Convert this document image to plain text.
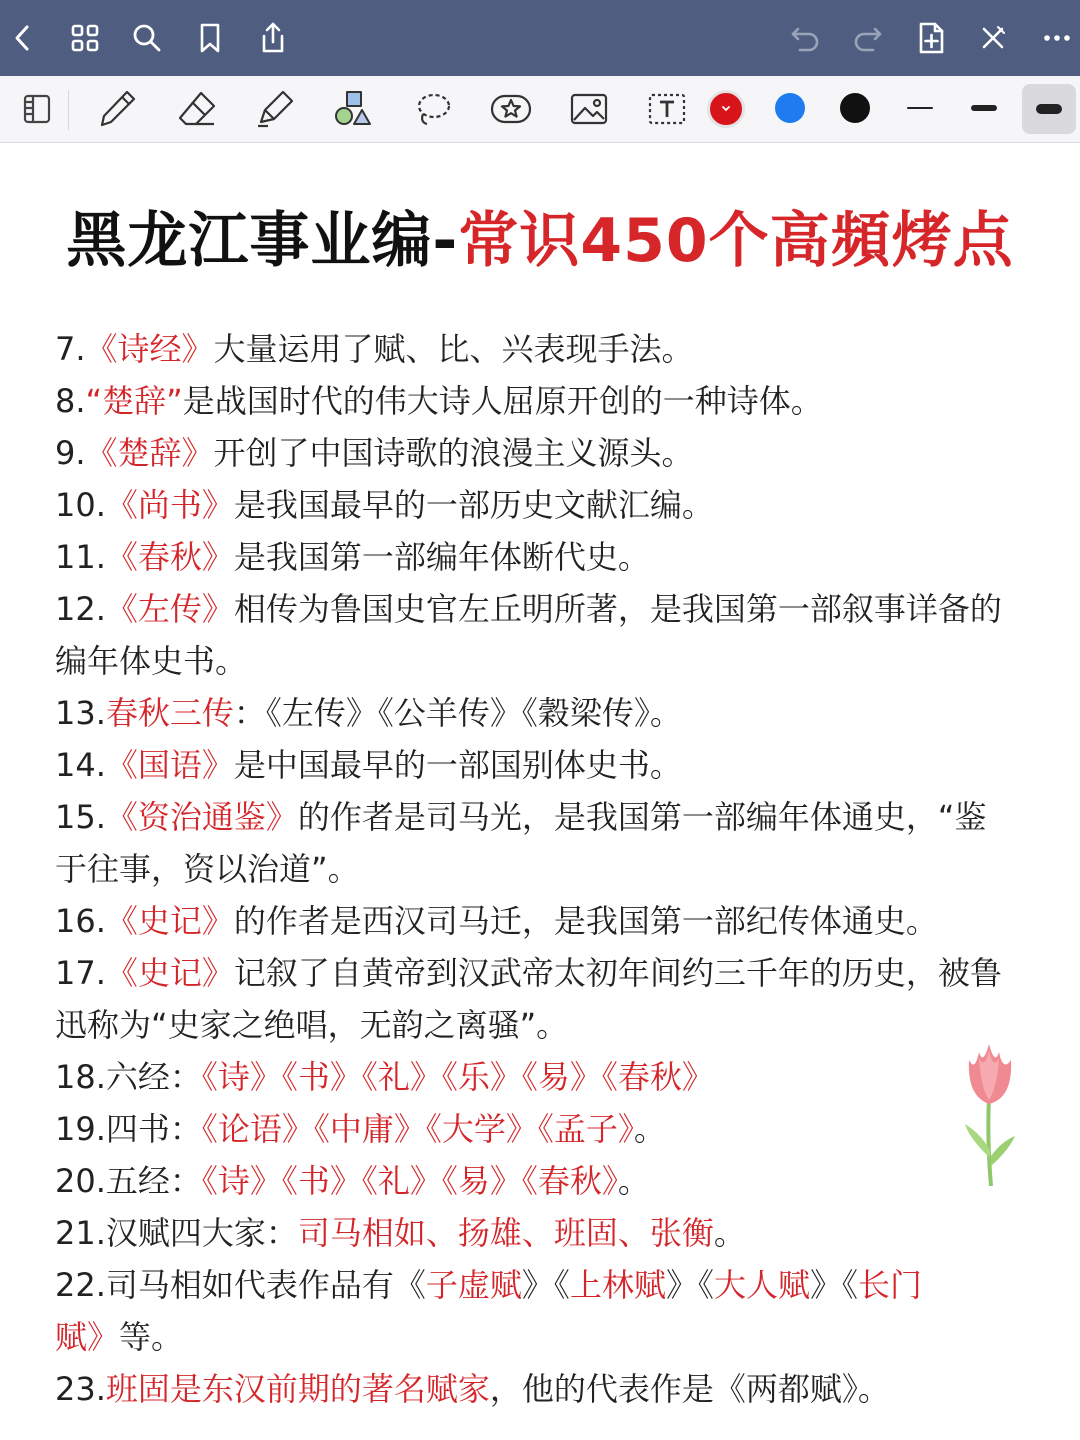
黑龙江事业编-常识450个高頻烤点
7.《诗经》大量运用了赋、比、兴表现手法。
8.“楚辞”是战国时代的伟大诗人屈原开创的一种诗体。
9.《楚辞》开创了中国诗歌的浪漫主义源头。
10.《尚书》是我国最早的一部历史文献汇编。
11.《春秋》是我国第一部编年体断代史。
12.《左传》相传为鲁国史官左丘明所著，是我国第一部叙事详备的
编年体史书。
13.春秋三传：《左传》《公羊传》《穀梁传》。
14.《国语》是中国最早的一部国别体史书。
15.《资治通鉴》的作者是司马光，是我国第一部编年体通史，“鉴
于往事，资以治道”。
16.《史记》的作者是西汉司马迁，是我国第一部纪传体通史。
17.《史记》记叙了自黄帝到汉武帝太初年间约三千年的历史，被鲁
迅称为“史家之绝唱，无韵之离骚”。
18.六经：《诗》《书》《礼》《乐》《易》《春秋》
19.四书：《论语》《中庸》《大学》《孟子》。
20.五经：《诗》《书》《礼》《易》《春秋》。
21.汉赋四大家：司马相如、扬雄、班固、张衡。
22.司马相如代表作品有《子虚赋》《上林赋》《大人赋》《长门
赋》等。
23.班固是东汉前期的著名赋家，他的代表作是《两都赋》。
